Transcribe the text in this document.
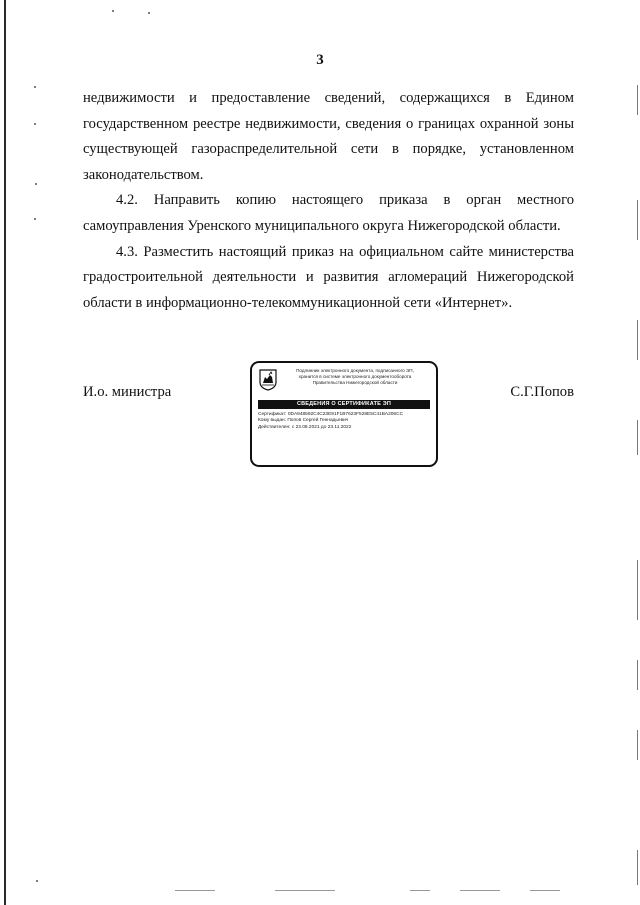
3

недвижимости и предоставление сведений, содержащихся в Едином государственном реестре недвижимости, сведения о границах охранной зоны существующей газораспределительной сети в порядке, установленном законодательством.

4.2. Направить копию настоящего приказа в орган местного самоуправления Уренского муниципального округа Нижегородской области.

4.3. Разместить настоящий приказ на официальном сайте министерства градостроительной деятельности и развития агломераций Нижегородской области в информационно-телекоммуникационной сети «Интернет».

И.о. министра	С.Г.Попов
Подлинник электронного документа, подписанного ЭП,
хранится в системе электронного документооборота
Правительства Нижегородской области
СВЕДЕНИЯ О СЕРТИФИКАТЕ ЭП
Сертификат: 0DA948592C4C23E91F1B7623F528E5C41BA206CC
Кому выдан: Попов Сергей Геннадьевич
Действителен: с 23.08.2021 до 23.11.2022
